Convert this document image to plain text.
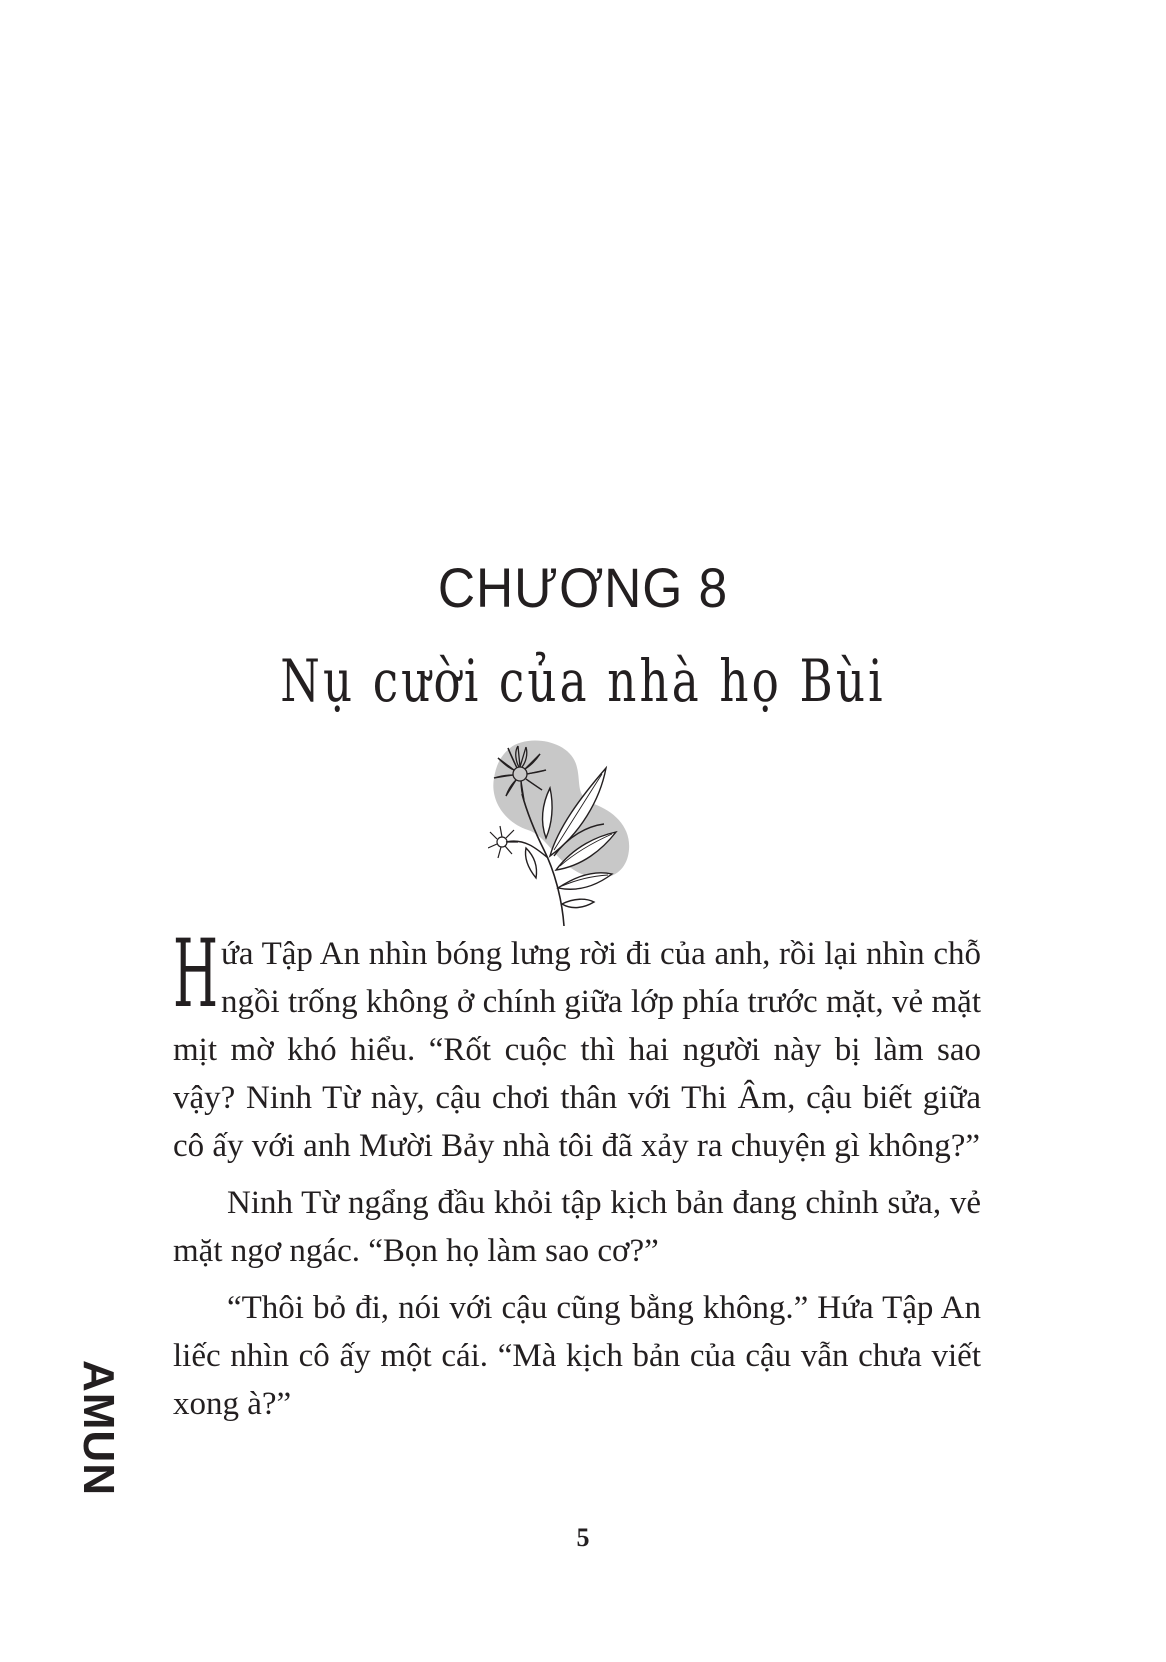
CHƯƠNG 8
Nụ cười của nhà họ Bùi

Hứa Tập An nhìn bóng lưng rời đi của anh, rồi lại nhìn chỗ ngồi trống không ở chính giữa lớp phía trước mặt, vẻ mặt mịt mờ khó hiểu. “Rốt cuộc thì hai người này bị làm sao vậy? Ninh Từ này, cậu chơi thân với Thi Âm, cậu biết giữa cô ấy với anh Mười Bảy nhà tôi đã xảy ra chuyện gì không?”

Ninh Từ ngẩng đầu khỏi tập kịch bản đang chỉnh sửa, vẻ mặt ngơ ngác. “Bọn họ làm sao cơ?”

“Thôi bỏ đi, nói với cậu cũng bằng không.” Hứa Tập An liếc nhìn cô ấy một cái. “Mà kịch bản của cậu vẫn chưa viết xong à?”

5
AMUN
